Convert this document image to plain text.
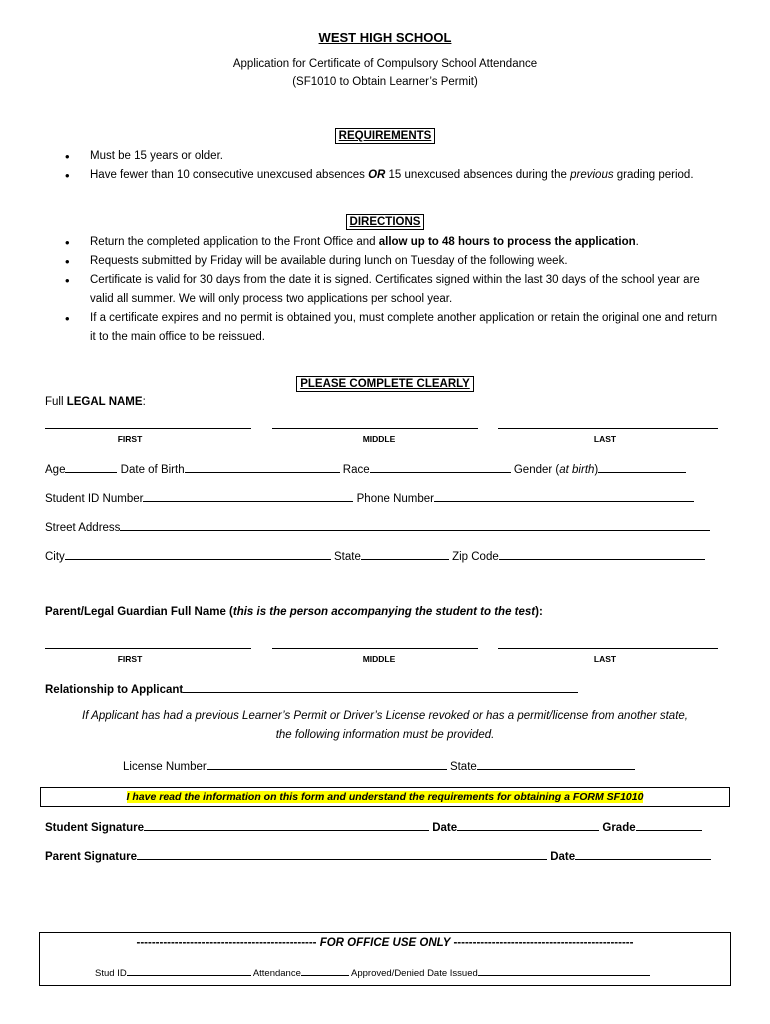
WEST HIGH SCHOOL
Application for Certificate of Compulsory School Attendance
(SF1010 to Obtain Learner’s Permit)
REQUIREMENTS
• Must be 15 years or older.
• Have fewer than 10 consecutive unexcused absences OR 15 unexcused absences during the previous grading period.
DIRECTIONS
• Return the completed application to the Front Office and allow up to 48 hours to process the application.
• Requests submitted by Friday will be available during lunch on Tuesday of the following week.
• Certificate is valid for 30 days from the date it is signed. Certificates signed within the last 30 days of the school year are valid all summer. We will only process two applications per school year.
• If a certificate expires and no permit is obtained you, must complete another application or retain the original one and return it to the main office to be reissued.
PLEASE COMPLETE CLEARLY
Full LEGAL NAME:
FIRST	MIDDLE	LAST
Age	Date of Birth	Race	Gender (at birth)
Student ID Number	Phone Number
Street Address
City	State	Zip Code
Parent/Legal Guardian Full Name (this is the person accompanying the student to the test):
FIRST	MIDDLE	LAST
Relationship to Applicant
If Applicant has had a previous Learner’s Permit or Driver’s License revoked or has a permit/license from another state,
the following information must be provided.
License Number	State
I have read the information on this form and understand the requirements for obtaining a FORM SF1010
Student Signature	Date	Grade
Parent Signature	Date
----------------------------------------------- FOR OFFICE USE ONLY -----------------------------------------------
Stud ID	Attendance	Approved/Denied Date Issued
